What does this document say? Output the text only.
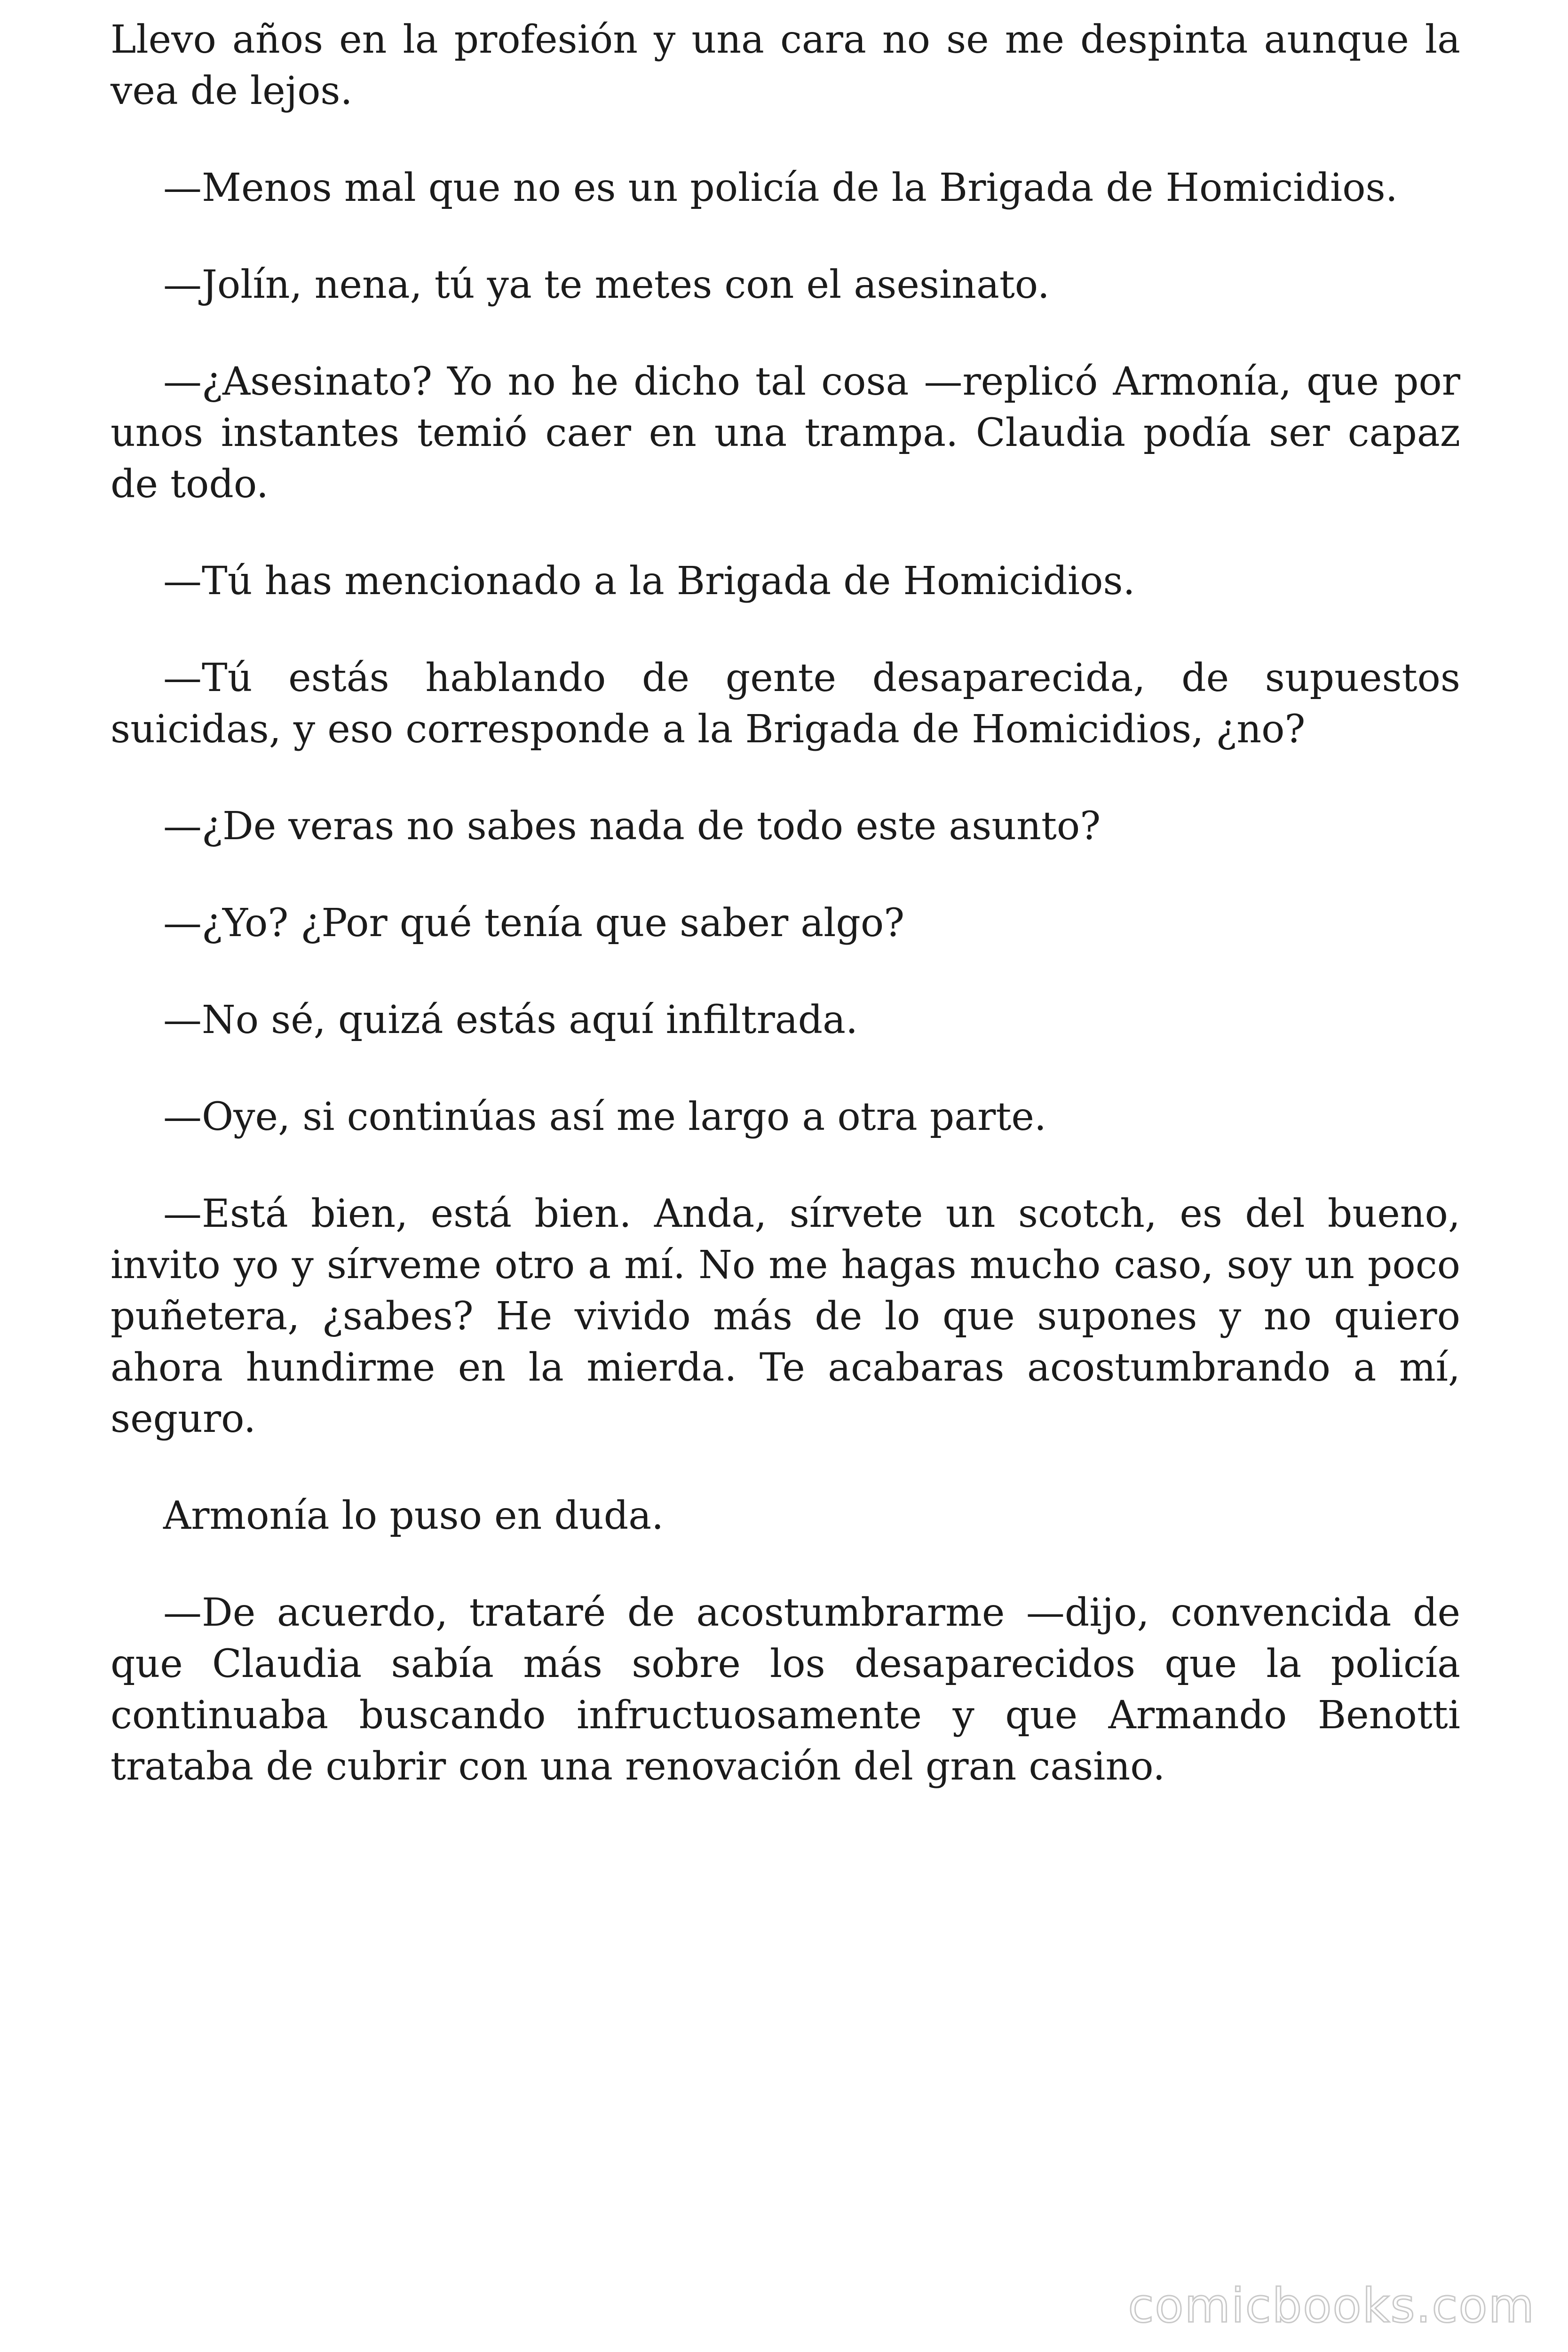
Llevo años en la profesión y una cara no se me despinta aunque la vea de lejos.

—Menos mal que no es un policía de la Brigada de Homicidios.

—Jolín, nena, tú ya te metes con el asesinato.

—¿Asesinato? Yo no he dicho tal cosa —replicó Armonía, que por unos instantes temió caer en una trampa. Claudia podía ser capaz de todo.

—Tú has mencionado a la Brigada de Homicidios.

—Tú estás hablando de gente desaparecida, de supuestos suicidas, y eso corresponde a la Brigada de Homicidios, ¿no?

—¿De veras no sabes nada de todo este asunto?

—¿Yo? ¿Por qué tenía que saber algo?

—No sé, quizá estás aquí infiltrada.

—Oye, si continúas así me largo a otra parte.

—Está bien, está bien. Anda, sírvete un scotch, es del bueno, invito yo y sírveme otro a mí. No me hagas mucho caso, soy un poco puñetera, ¿sabes? He vivido más de lo que supones y no quiero ahora hundirme en la mierda. Te acabaras acostumbrando a mí, seguro.

Armonía lo puso en duda.

—De acuerdo, trataré de acostumbrarme —dijo, convencida de que Claudia sabía más sobre los desaparecidos que la policía continuaba buscando infructuosamente y que Armando Benotti trataba de cubrir con una renovación del gran casino.

comicbooks.com
